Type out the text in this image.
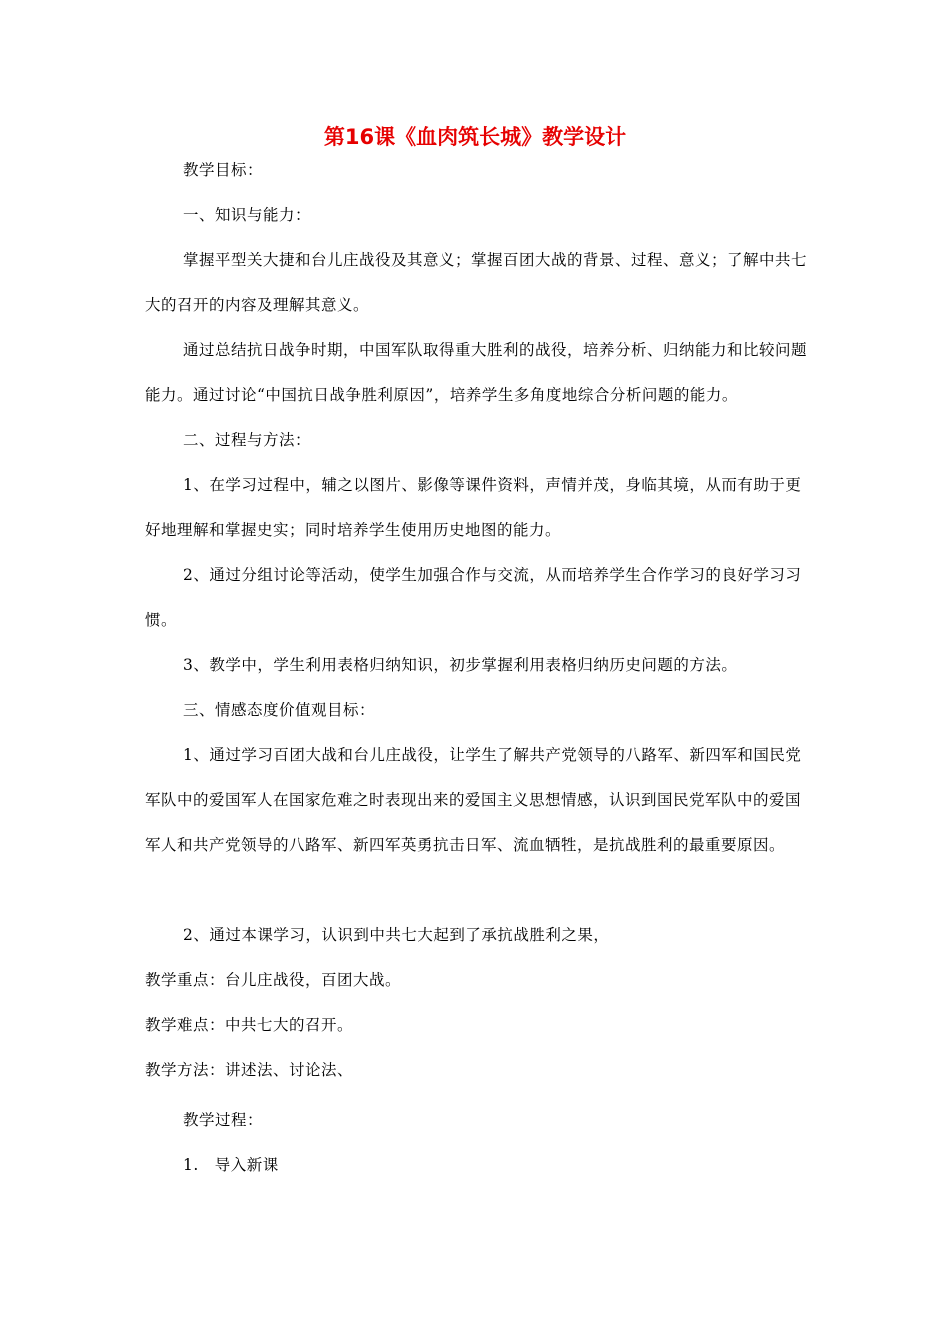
第16课《血肉筑长城》教学设计

教学目标：

一、知识与能力：

掌握平型关大捷和台儿庄战役及其意义；掌握百团大战的背景、过程、意义；了解中共七大的召开的内容及理解其意义。

通过总结抗日战争时期，中国军队取得重大胜利的战役，培养分析、归纳能力和比较问题能力。通过讨论“中国抗日战争胜利原因”，培养学生多角度地综合分析问题的能力。

二、过程与方法：

1、在学习过程中，辅之以图片、影像等课件资料，声情并茂，身临其境，从而有助于更好地理解和掌握史实；同时培养学生使用历史地图的能力。

2、通过分组讨论等活动，使学生加强合作与交流，从而培养学生合作学习的良好学习习惯。

3、教学中，学生利用表格归纳知识，初步掌握利用表格归纳历史问题的方法。

三、情感态度价值观目标：

1、通过学习百团大战和台儿庄战役，让学生了解共产党领导的八路军、新四军和国民党军队中的爱国军人在国家危难之时表现出来的爱国主义思想情感，认识到国民党军队中的爱国军人和共产党领导的八路军、新四军英勇抗击日军、流血牺牲，是抗战胜利的最重要原因。

2、通过本课学习，认识到中共七大起到了承抗战胜利之果，

教学重点：台儿庄战役，百团大战。

教学难点：中共七大的召开。

教学方法：讲述法、讨论法、

教学过程：

1.　导入新课
